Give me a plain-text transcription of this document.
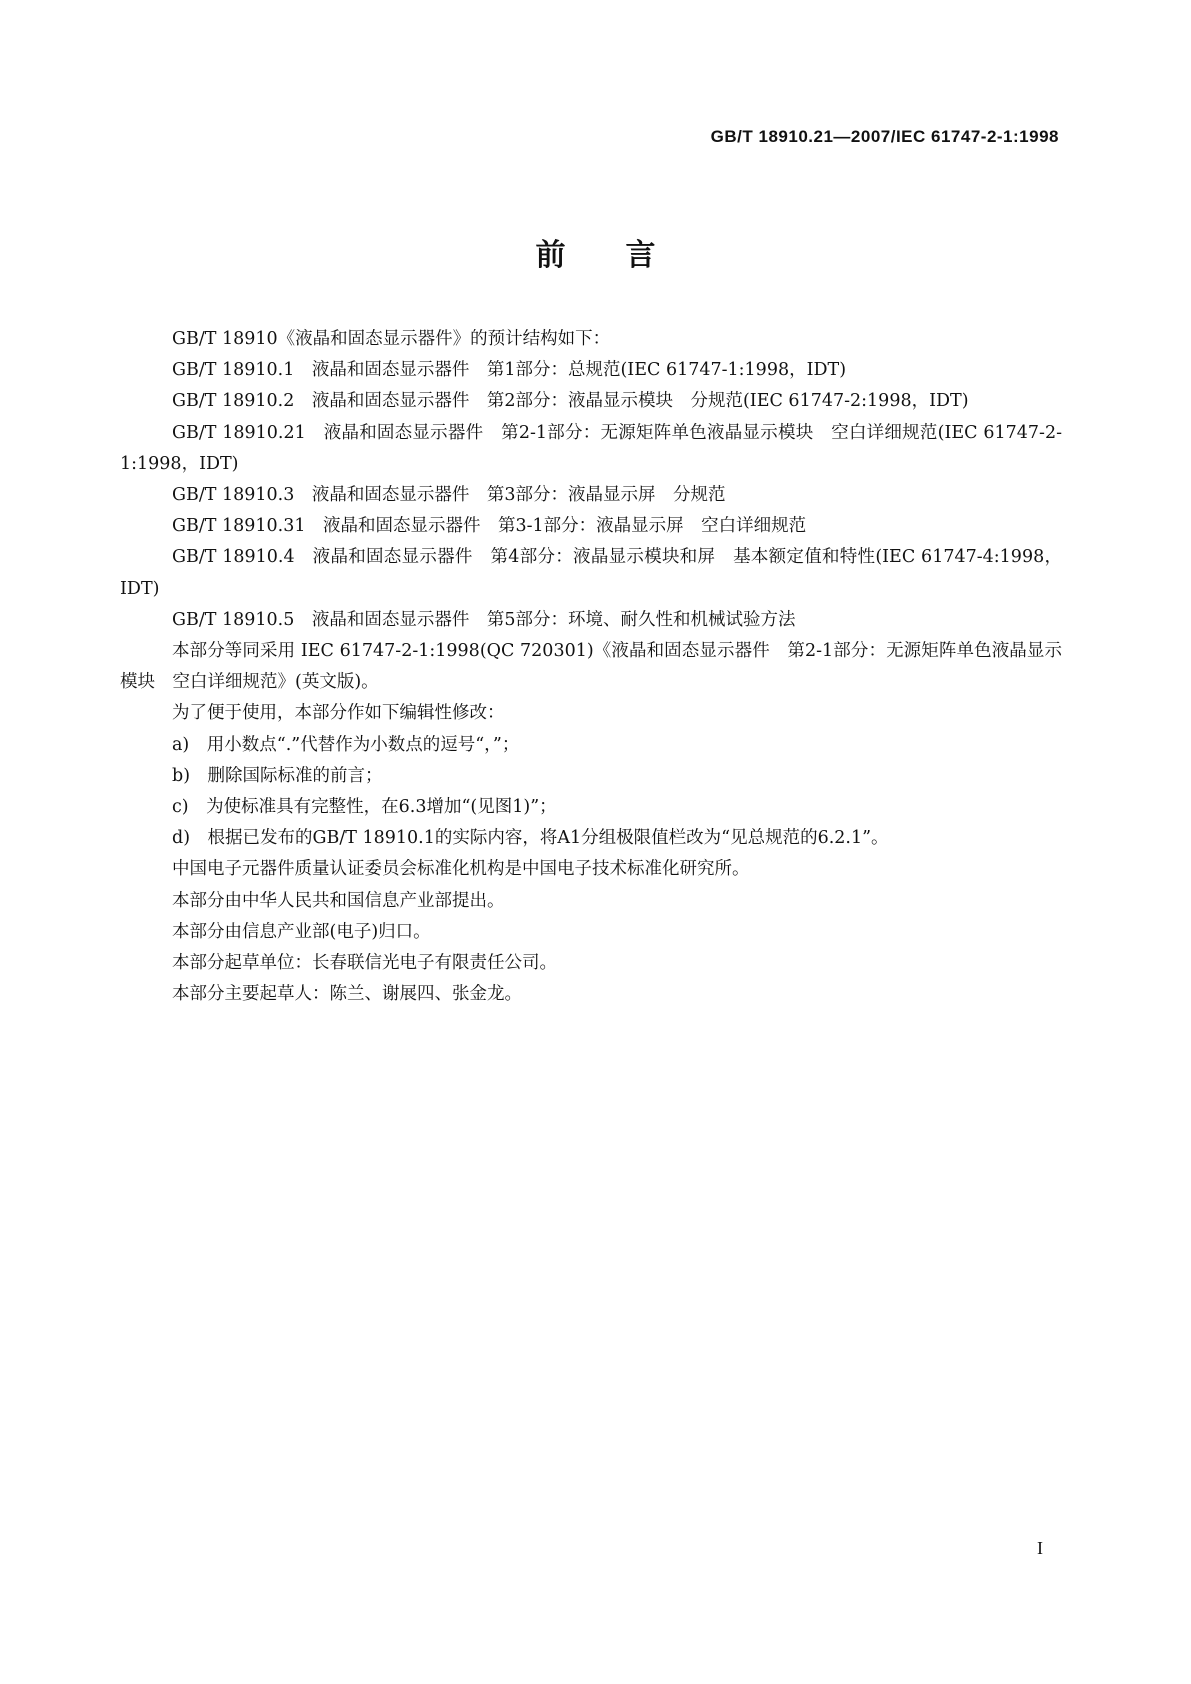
GB/T 18910.21—2007/IEC 61747-2-1:1998
前言

GB/T 18910《液晶和固态显示器件》的预计结构如下：

GB/T 18910.1　液晶和固态显示器件　第1部分：总规范(IEC 61747-1:1998，IDT)

GB/T 18910.2　液晶和固态显示器件　第2部分：液晶显示模块　分规范(IEC 61747-2:1998，IDT)

GB/T 18910.21　液晶和固态显示器件　第2-1部分：无源矩阵单色液晶显示模块　空白详细规范(IEC 61747-2-1:1998，IDT)

GB/T 18910.3　液晶和固态显示器件　第3部分：液晶显示屏　分规范

GB/T 18910.31　液晶和固态显示器件　第3-1部分：液晶显示屏　空白详细规范

GB/T 18910.4　液晶和固态显示器件　第4部分：液晶显示模块和屏　基本额定值和特性(IEC 61747-4:1998，IDT)

GB/T 18910.5　液晶和固态显示器件　第5部分：环境、耐久性和机械试验方法

本部分等同采用 IEC 61747-2-1:1998(QC 720301)《液晶和固态显示器件　第2-1部分：无源矩阵单色液晶显示模块　空白详细规范》(英文版)。

为了便于使用，本部分作如下编辑性修改：

a)　用小数点“.”代替作为小数点的逗号“，”；

b)　删除国际标准的前言；

c)　为使标准具有完整性，在6.3增加“(见图1)”；

d)　根据已发布的GB/T 18910.1的实际内容，将A1分组极限值栏改为“见总规范的6.2.1”。

中国电子元器件质量认证委员会标准化机构是中国电子技术标准化研究所。

本部分由中华人民共和国信息产业部提出。

本部分由信息产业部(电子)归口。

本部分起草单位：长春联信光电子有限责任公司。

本部分主要起草人：陈兰、谢展四、张金龙。

I
